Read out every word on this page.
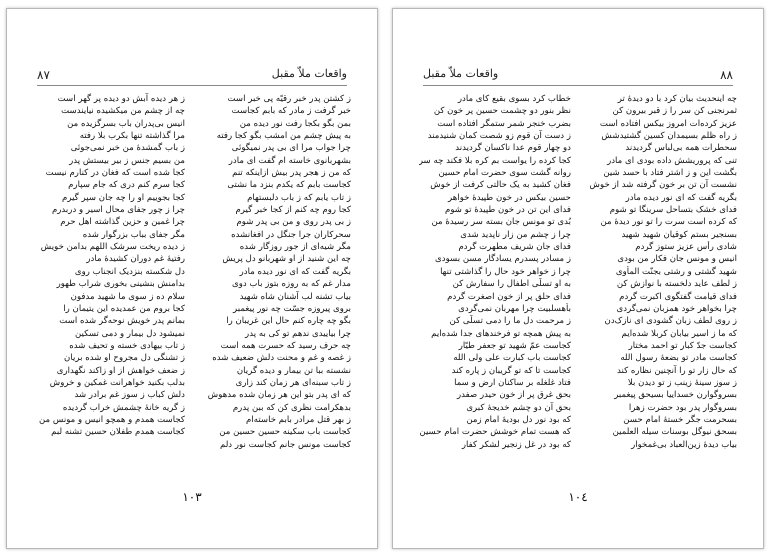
٨٧	واقعات ملاّ مقبل
ز کشتن پدر خبر رقیّه پی خبر است
خبر گرفت ز مادر که بابم کجاست
بمن بگو بکجا رفت نور دیده من
به پیش چشم من امشب بگو کجا رفته
چرا جواب مرا ای بی پدر نمیگوئی
بشهربانوی خاسته ام گفت ای مادر
که من ز هجر پدر بیش ازاینکه تنم
کجاست بابم که یکدم بنزد ما نشتی
ز تاب یابم که ز باب دلبستهام
کجا روم چه کنم از کجا خبر گیرم
ز بی پدر روی و من بی پدر شوم
سحرکاران جرا جنگل در افغانشده
مگر شیه‌ای از جور روزگار شده
چه این شنید از او شهربانو دل پریش
بگریه گفت که ای نور دیده مادر
مدار غم که به روزه بتوز باب دوی
بیاب تشنه لب آشنان شاه شهید
بروی پیروزه جسّت چه نور پیغمبر
بگو چه چاره کنم حال این غریبان را
چرا بیاییدی ندهم تو کی به پدر
چه حرف رسید که حسرت همه است
ز غصه و غم و محنت دلش ضعیف شده
نشسته ببا تن بیمار و دیده گریان
ز تاب سبنه‌ای هر زمان کند زاری
که ای پدر بتو این هر زمان شده مدهوش
بدهکرامت نظری کن که ببن پدرم
ز بهر قتل مرادر بابم خاسته‌ام
کجاست باب سکینه حسین حسین من
کجاست مونس جانم کجاست نور دلم
ز هر دیده آبش دو دیده پر گهر است
چه از چشم من میکشیده نیایندست
انیس بی‌پدران باب بسرگزیده من
مرا گذاشته تنها بکرب بلا رفته
ز باب گمشدهٔ من خبر نمی‌جوئی
من بسیم جنس ز بیر بیستش پدر
کجا شده است که فغان در کنارم نیست
کجا سرم کنم دری که جام سپارم
کجا بجوییم او را چه جان سپر گیرم
چرا ز چور جفای محال اسیر و دربدرم
چرا غمین و حزین گذاشته اهل حرم
مگر جفای بباب بزرگوار شده
ز دیده ریخت سرشک اللهم بدامن خویش
رفتیهٔ غم دوران کشیدهٔ مادر
دل شکسته بنزدیک انجناب روی
بدامنش بنشینی بخوری شراب طهور
سلام ده ز سوی ما شهید مدفون
کجا بروم من عمدیده این یتیمان را
بمانم پدر خویش نوحه‌گر شده است
نمیشود دل بیمار و دمی تسکین
ز تاب بیهادی خسته و تحیف شده
ز تشنگی دل مجروح او شده بریان
ز ضعف خواهش از او زاکند نگهداری
بدلب بکنید خواهرانت غمکین و خروش
دلش کباب ز سوز غم برادر شد
ز گریه خانهٔ چشمش خراب گردیده
کجاست همدم و همچو انیس و مونس من
کجاست همدم طفلان حسین تشنه لبم
١٠٣
٨٨
واقعات ملاّ مقبل
چه اینحدیث بیان کرد با دو دیدهٔ تر
ثمرنجنی کن سر را ز قبر بیرون کن
عزیز کرده‌ات امروز بیکس افتاده است
ز راه ظلم بسیمدان کسین گشتیدشش
سحطرات همه بی‌لباس گردیدند
تنی که پروریشش داده بودی ای مادر
بگشت این و ز اشتر فتاد با حسد شین
نشست آن تن بر خون گرفته شد از خوش
بگریه گفت که ای نور دیده مادر
فدای خشک بتساحل سرینگا تو شوم
که کرده است سرت را تو نور دیدهٔ من
بسنجیر بستم کوقیان شهید شهید
شادی رأس عزیز ستوز گردم
انیس و مونس جان فکار من بودی
شهید گشتی و رشتی بجنّت المأوی
ز لطف عاید دلخسته با نوازش کن
فدای قیامت گفتگوی اکبرت گردم
چرا بخواهر خود همزبان نمی‌گردی
ز روی لطف زبان گشودی ای نازک‌دن
که ما ز اسیر بیابان کربلا شده‌ایم
کجاست جدّ کبار تو احمد مختار
کجاست مادر تو بضعهٔ رسول الله
که حال زار تو را آنچنین نظاره کند
ز سوز سینهٔ زینب ز تو دیدن بلا
بسروگوارن خسداییا بسیحق پیغمبر
بسروگوار پدر بود حضرت زهرا
بسحرمت جگر خستهٔ امام حسن
بسحق نیوگل بوسنات سیله العلمین
بیاب دیدهٔ زین‌العباد بی‌غمخوار
خطاب کرد بسوی بقیع کای مادر
نظر بنور دو چشمت حسین پر خون کن
بضرب خنجر شمر ستمگر افتاده است
ز دست آن قوم زو شصت کمان شنیدمند
دو چهار قوم عدا ناکسان گردیدند
کجا کرده را یواست بم کره بلا فکند چه سر
روانه گشت سوی حضرت امام حسین
فغان کشید به یک حالتی کرفت از خوش
حسین بیکس در خون طپیدهٔ خواهر
فدای این تن در خون طپیدهٔ تو شوم
بُدی تو مونس جان بسته سر رسیدهٔ من
چرا ز چشم من زار ناپدید شدی
فدای جان شریف مطهرت گردم
ز مسادر پسدرم یسادگار مسن بسودی
چرا ز خواهر خود حال را گذاشتی تنها
به او تسلّی اطفال را سفارش کن
فدای حلق پر از خون اصغرت گردم
بأهسلبیت چرا مهربان نمی‌گردی
ز مرحمت دل ما را دمی تسلّی کن
به پیش همچه تو فرخندهای جدا شده‌ایم
کجاست عمّ شهید تو جعفر طیّار
کجاست باب کبارت علی ولی الله
کجاست تا که تو گریبان ز پاره کند
فتاد غلغله بر ساکنان ارض و سما
بحق غرق پر از خون حیدر صفدر
بحق آن دو چشم خدیجهٔ کبری
که بود نور دل بودیهٔ امام زمن
که هست تمام خوشش حضرت امام حسین
که بود در غل زنجیر لشکر کفار
١٠٤
